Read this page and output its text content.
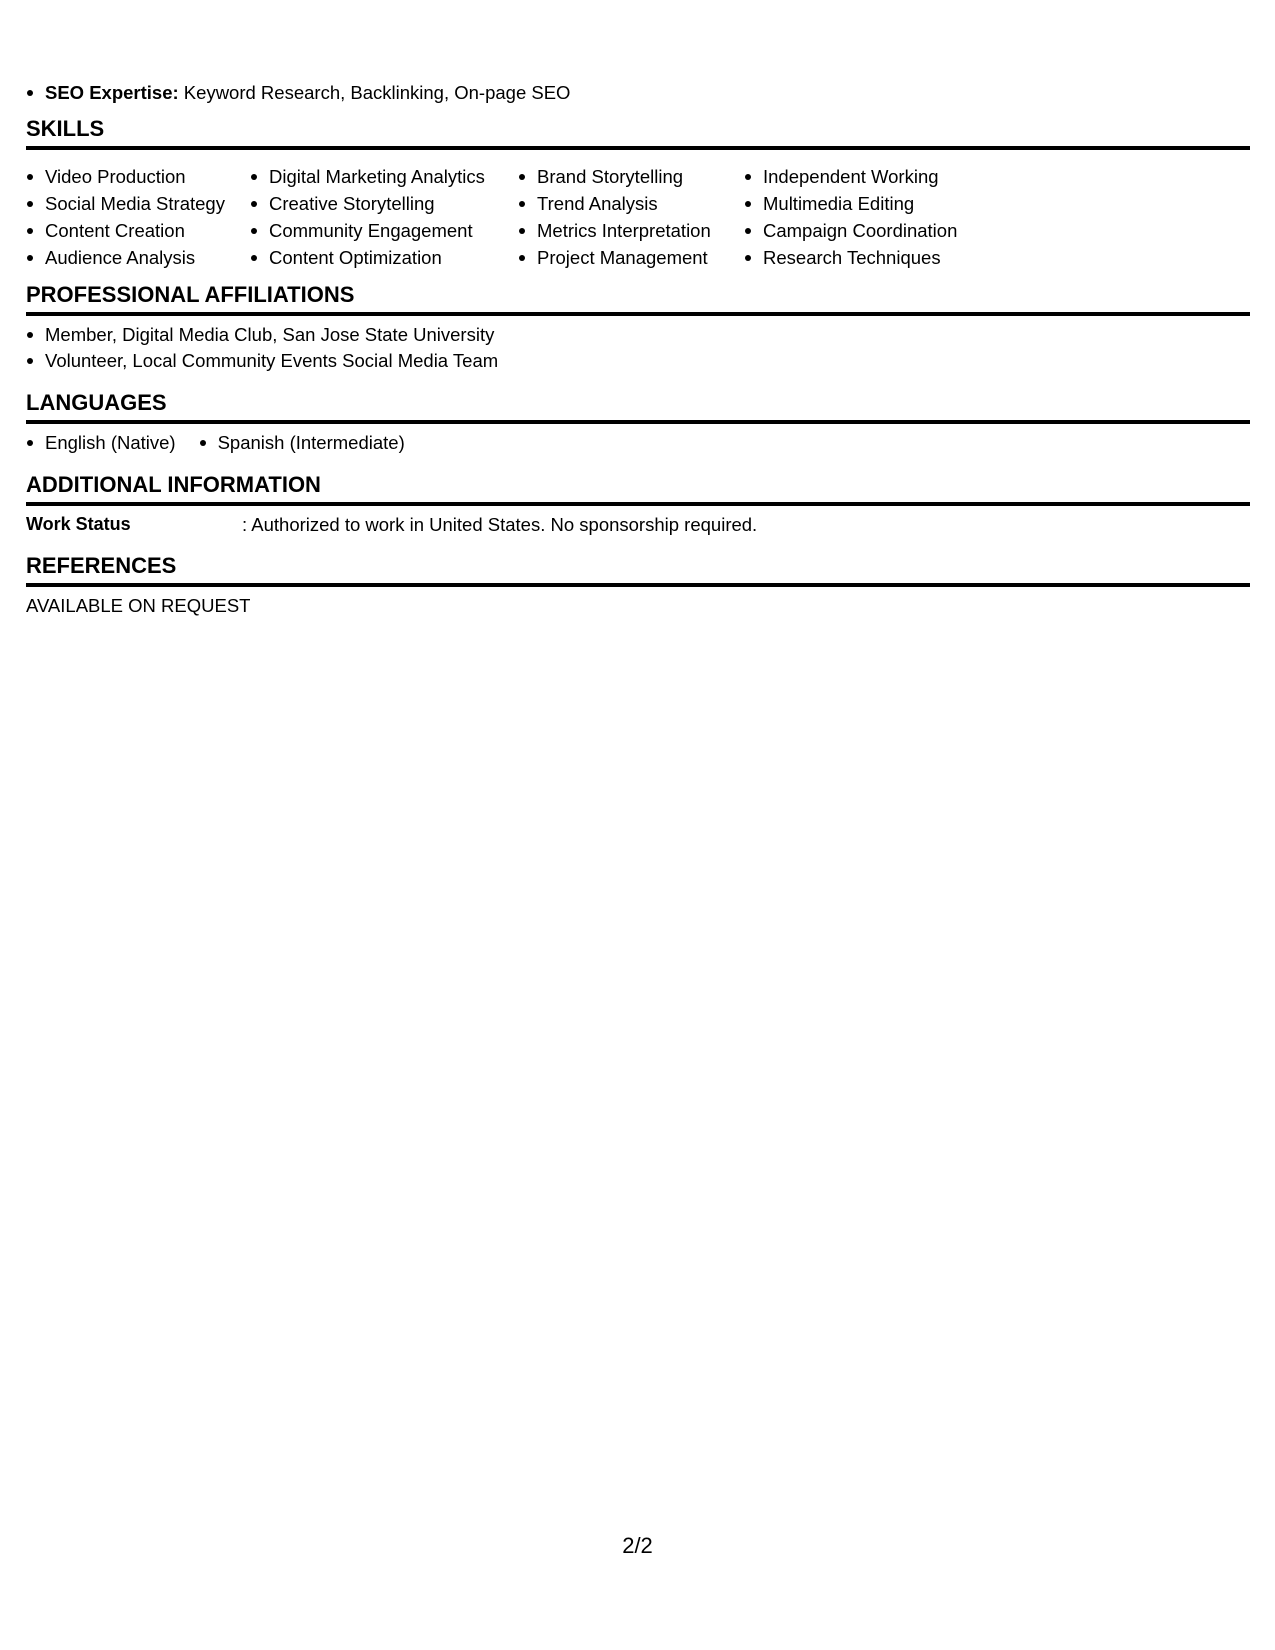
SEO Expertise: Keyword Research, Backlinking, On-page SEO
SKILLS
Video Production
Social Media Strategy
Content Creation
Audience Analysis
Digital Marketing Analytics
Creative Storytelling
Community Engagement
Content Optimization
Brand Storytelling
Trend Analysis
Metrics Interpretation
Project Management
Independent Working
Multimedia Editing
Campaign Coordination
Research Techniques
PROFESSIONAL AFFILIATIONS
Member, Digital Media Club, San Jose State University
Volunteer, Local Community Events Social Media Team
LANGUAGES
English (Native)	Spanish (Intermediate)
ADDITIONAL INFORMATION
Work Status	: Authorized to work in United States. No sponsorship required.
REFERENCES
AVAILABLE ON REQUEST
2/2
